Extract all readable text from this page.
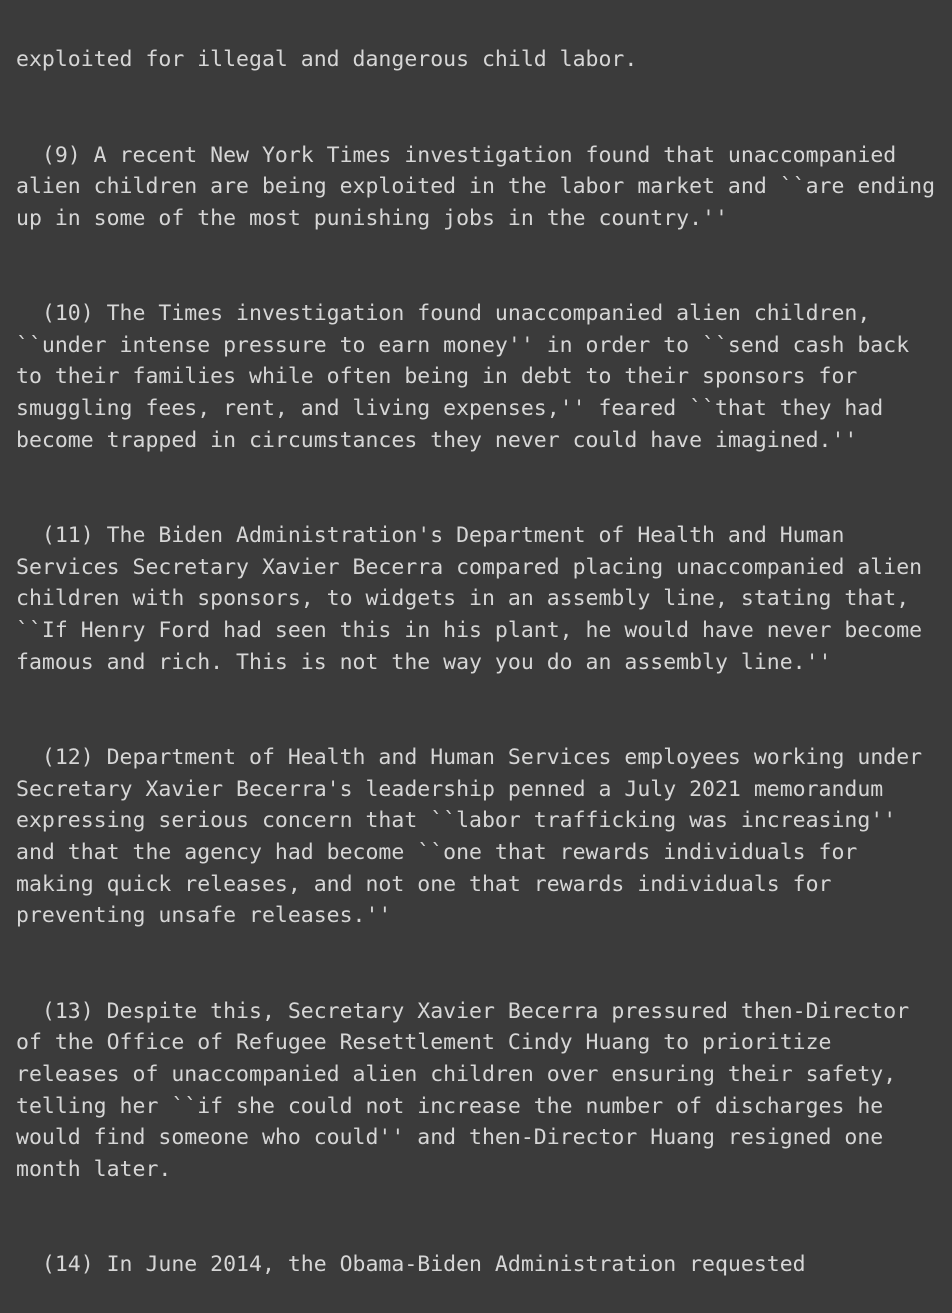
exploited for illegal and dangerous child labor.

(9) A recent New York Times investigation found that unaccompanied alien children are being exploited in the labor market and ``are ending up in some of the most punishing jobs in the country.''

(10) The Times investigation found unaccompanied alien children, ``under intense pressure to earn money'' in order to ``send cash back to their families while often being in debt to their sponsors for smuggling fees, rent, and living expenses,'' feared ``that they had become trapped in circumstances they never could have imagined.''

(11) The Biden Administration's Department of Health and Human Services Secretary Xavier Becerra compared placing unaccompanied alien children with sponsors, to widgets in an assembly line, stating that, ``If Henry Ford had seen this in his plant, he would have never become famous and rich. This is not the way you do an assembly line.''

(12) Department of Health and Human Services employees working under Secretary Xavier Becerra's leadership penned a July 2021 memorandum expressing serious concern that ``labor trafficking was increasing'' and that the agency had become ``one that rewards individuals for making quick releases, and not one that rewards individuals for preventing unsafe releases.''

(13) Despite this, Secretary Xavier Becerra pressured then-Director of the Office of Refugee Resettlement Cindy Huang to prioritize releases of unaccompanied alien children over ensuring their safety, telling her ``if she could not increase the number of discharges he would find someone who could'' and then-Director Huang resigned one month later.

(14) In June 2014, the Obama-Biden Administration requested
